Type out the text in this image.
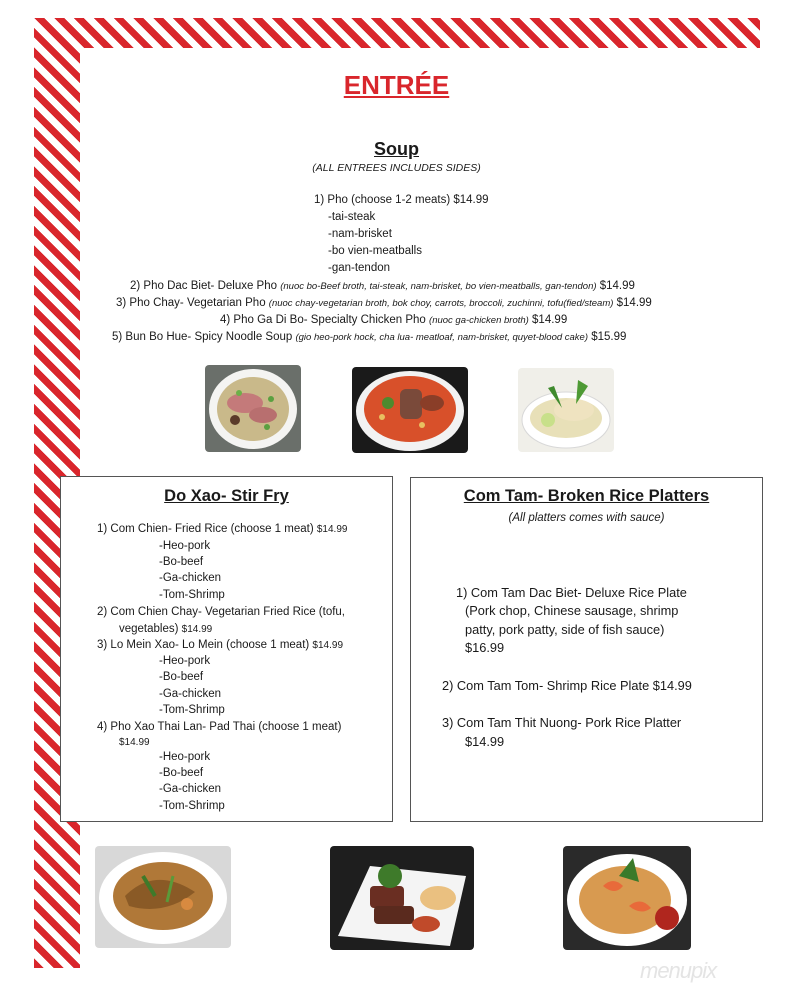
ENTRÉE
Soup
(ALL ENTREES INCLUDES SIDES)
1) Pho (choose 1-2 meats) $14.99
-tai-steak
-nam-brisket
-bo vien-meatballs
-gan-tendon
2) Pho Dac Biet- Deluxe Pho (nuoc bo-Beef broth, tai-steak, nam-brisket, bo vien-meatballs, gan-tendon) $14.99
3) Pho Chay- Vegetarian Pho (nuoc chay-vegetarian broth, bok choy, carrots, broccoli, zuchinni, tofu(fied/steam) $14.99
4) Pho Ga Di Bo- Specialty Chicken Pho (nuoc ga-chicken broth) $14.99
5) Bun Bo Hue- Spicy Noodle Soup (gio heo-pork hock, cha lua- meatloaf, nam-brisket, quyet-blood cake) $15.99
Do Xao- Stir Fry
1) Com Chien- Fried Rice (choose 1 meat) $14.99
-Heo-pork
-Bo-beef
-Ga-chicken
-Tom-Shrimp
2) Com Chien Chay- Vegetarian Fried Rice (tofu,
vegetables) $14.99
3) Lo Mein Xao- Lo Mein (choose 1 meat) $14.99
-Heo-pork
-Bo-beef
-Ga-chicken
-Tom-Shrimp
4) Pho Xao Thai Lan- Pad Thai (choose 1 meat)
$14.99
-Heo-pork
-Bo-beef
-Ga-chicken
-Tom-Shrimp
Com Tam- Broken Rice Platters
(All platters comes with sauce)
1) Com Tam Dac Biet- Deluxe Rice Plate
(Pork chop, Chinese sausage, shrimp
patty, pork patty, side of fish sauce)
$16.99
2) Com Tam Tom- Shrimp Rice Plate $14.99
3) Com Tam Thit Nuong- Pork Rice Platter
$14.99
menupix
